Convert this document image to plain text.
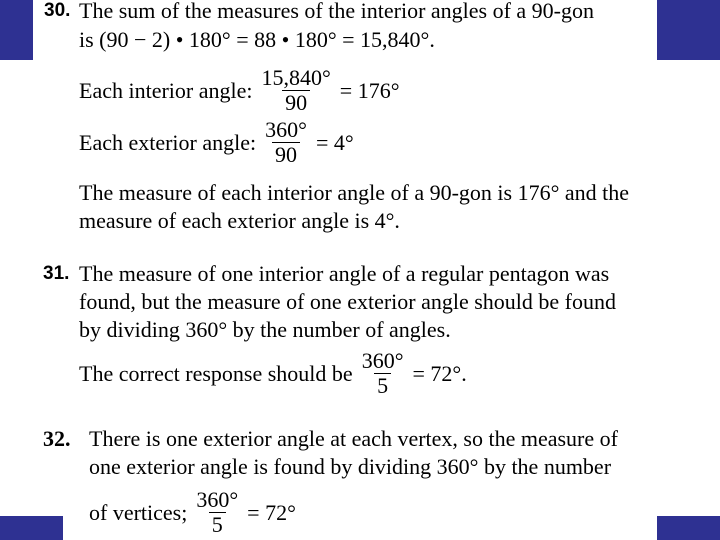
30. The sum of the measures of the interior angles of a 90-gon
is (90 − 2) • 180° = 88 • 180° = 15,840°.
Each interior angle: $\frac{15,840^\circ}{90} = 176^\circ$
Each exterior angle: $\frac{360^\circ}{90} = 4^\circ$
The measure of each interior angle of a 90-gon is 176° and the
measure of each exterior angle is 4°.
31. The measure of one interior angle of a regular pentagon was
found, but the measure of one exterior angle should be found
by dividing 360° by the number of angles.
The correct response should be $\frac{360^\circ}{5} = 72^\circ$.
32. There is one exterior angle at each vertex, so the measure of
one exterior angle is found by dividing 360° by the number
of vertices; $\frac{360^\circ}{5} = 72^\circ$
